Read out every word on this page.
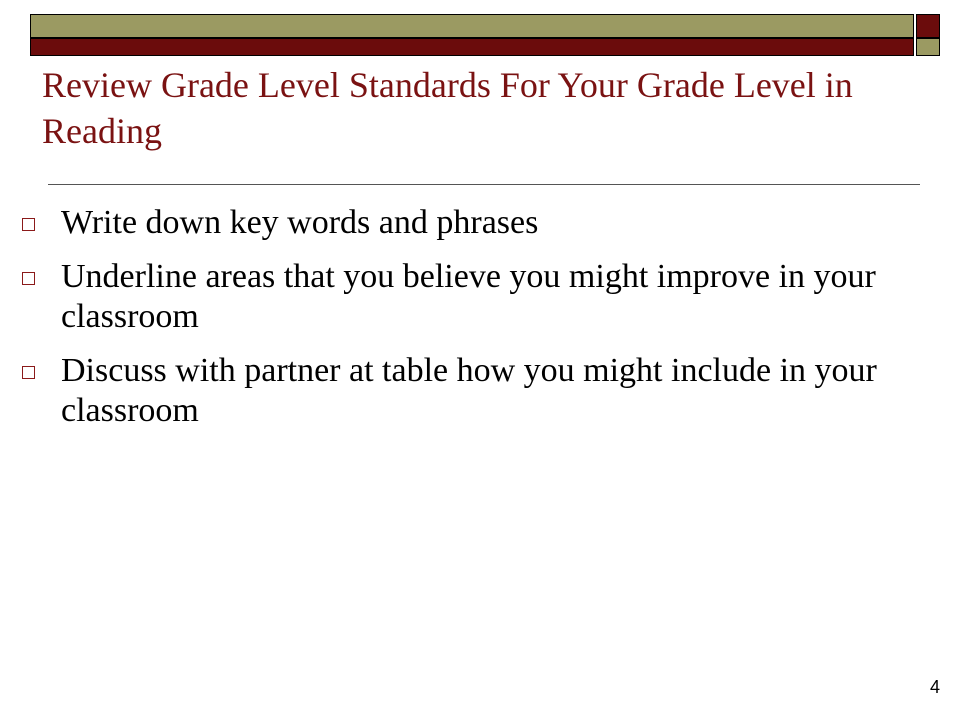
Review Grade Level Standards For Your Grade Level in Reading
Write down key words and phrases
Underline areas that you believe you might improve in your classroom
Discuss with partner at table how you might include in your classroom
4
